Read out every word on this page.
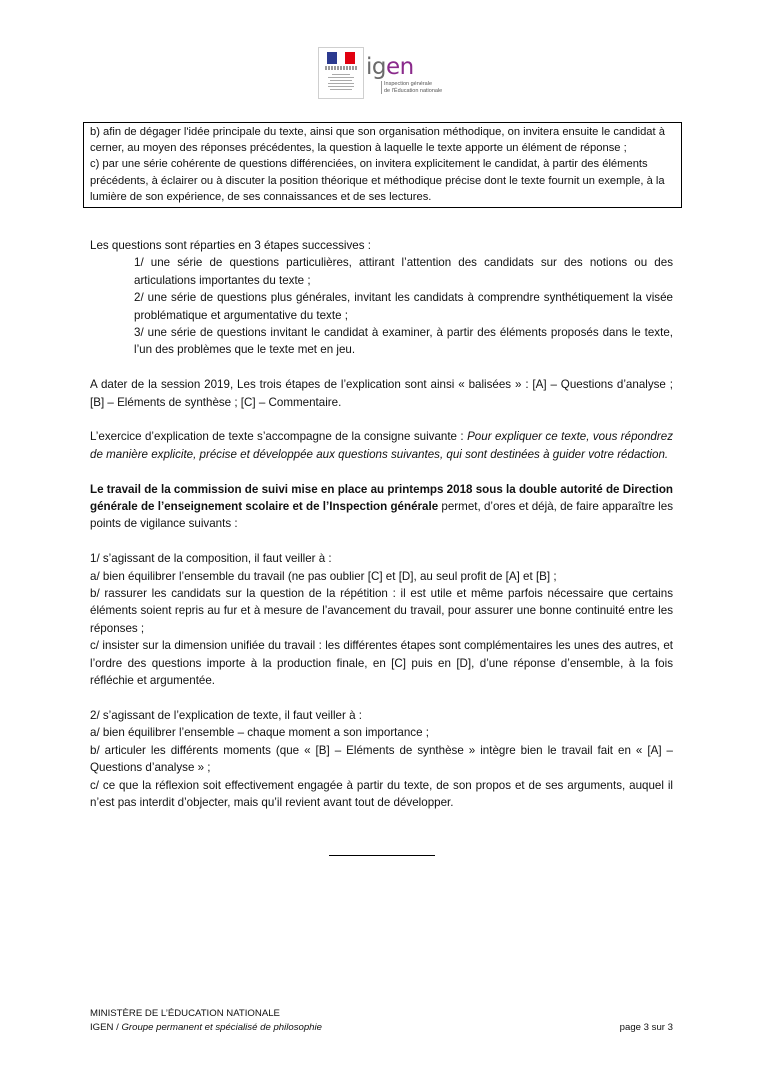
igen
Inspection générale
de l'Éducation nationale

b) afin de dégager l'idée principale du texte, ainsi que son organisation méthodique, on invitera ensuite le candidat à cerner, au moyen des réponses précédentes, la question à laquelle le texte apporte un élément de réponse ;

c) par une série cohérente de questions différenciées, on invitera explicitement le candidat, à partir des éléments précédents, à éclairer ou à discuter la position théorique et méthodique précise dont le texte fournit un exemple, à la lumière de son expérience, de ses connaissances et de ses lectures.

Les questions sont réparties en 3 étapes successives :

1/ une série de questions particulières, attirant l’attention des candidats sur des notions ou des articulations importantes du texte ;

2/ une série de questions plus générales, invitant les candidats à comprendre synthétiquement la visée problématique et argumentative du texte ;

3/ une série de questions invitant le candidat à examiner, à partir des éléments proposés dans le texte, l’un des problèmes que le texte met en jeu.

A dater de la session 2019, Les trois étapes de l’explication sont ainsi « balisées » : [A] – Questions d’analyse ; [B] – Eléments de synthèse ; [C] – Commentaire.

L’exercice d’explication de texte s’accompagne de la consigne suivante : Pour expliquer ce texte, vous répondrez de manière explicite, précise et développée aux questions suivantes, qui sont destinées à guider votre rédaction.

Le travail de la commission de suivi mise en place au printemps 2018 sous la double autorité de Direction générale de l’enseignement scolaire et de l’Inspection générale permet, d’ores et déjà, de faire apparaître les points de vigilance suivants :

1/ s’agissant de la composition, il faut veiller à :

a/ bien équilibrer l’ensemble du travail (ne pas oublier [C] et [D], au seul profit de [A] et [B] ;

b/ rassurer les candidats sur la question de la répétition : il est utile et même parfois nécessaire que certains éléments soient repris au fur et à mesure de l’avancement du travail, pour assurer une bonne continuité entre les réponses ;

c/ insister sur la dimension unifiée du travail : les différentes étapes sont complémentaires les unes des autres, et l’ordre des questions importe à la production finale, en [C] puis en [D], d’une réponse d’ensemble, à la fois réfléchie et argumentée.

2/ s’agissant de l’explication de texte, il faut veiller à :

a/ bien équilibrer l’ensemble – chaque moment a son importance ;

b/ articuler les différents moments (que « [B] – Eléments de synthèse » intègre bien le travail fait en « [A] – Questions d’analyse » ;

c/ ce que la réflexion soit effectivement engagée à partir du texte, de son propos et de ses arguments, auquel il n’est pas interdit d’objecter, mais qu’il revient avant tout de développer.

MINISTÈRE DE L’ÉDUCATION NATIONALE
IGEN / Groupe permanent et spécialisé de philosophie	page 3 sur 3
